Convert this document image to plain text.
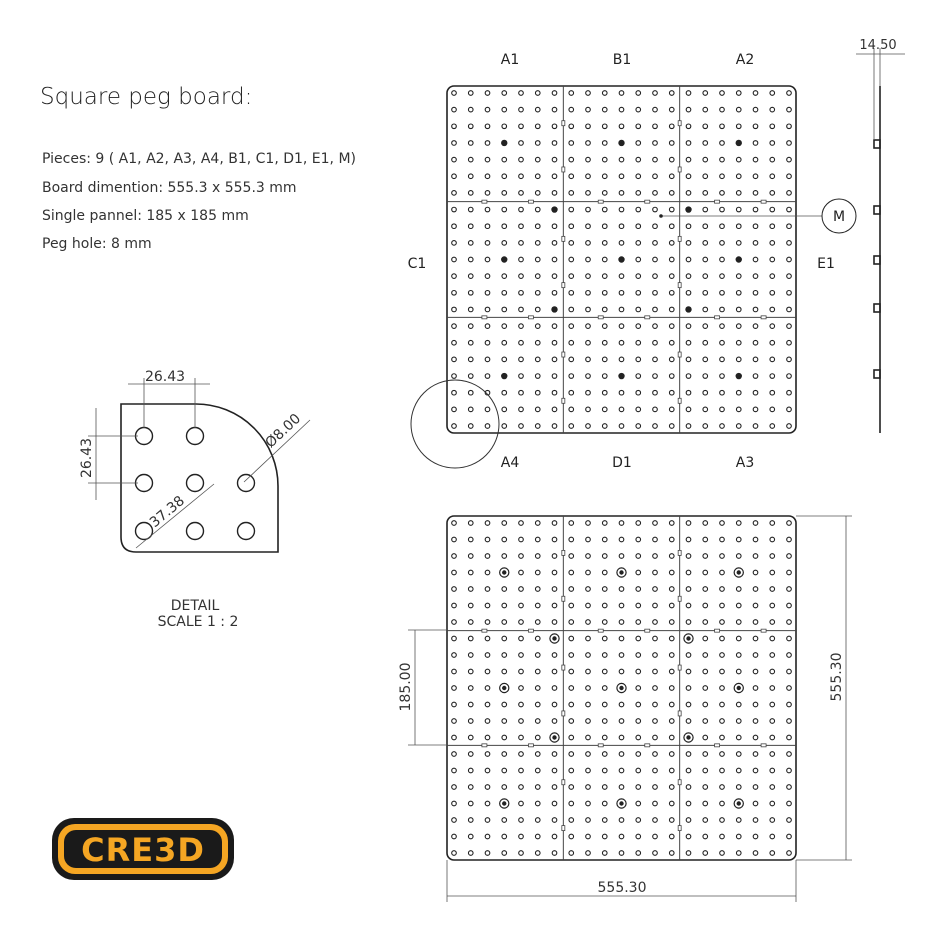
Square peg board:
Pieces: 9 ( A1, A2, A3, A4, B1, C1, D1, E1, M)
Board dimention: 555.3 x 555.3 mm
Single pannel: 185 x 185 mm
Peg hole: 8 mm
M
A1	B1	A2
C1	E1
A4	D1	A3
14.50
26.43
26.43
37.38
Ø8.00
DETAIL
SCALE 1 : 2
185.00	555.30
555.30
CRE3D
